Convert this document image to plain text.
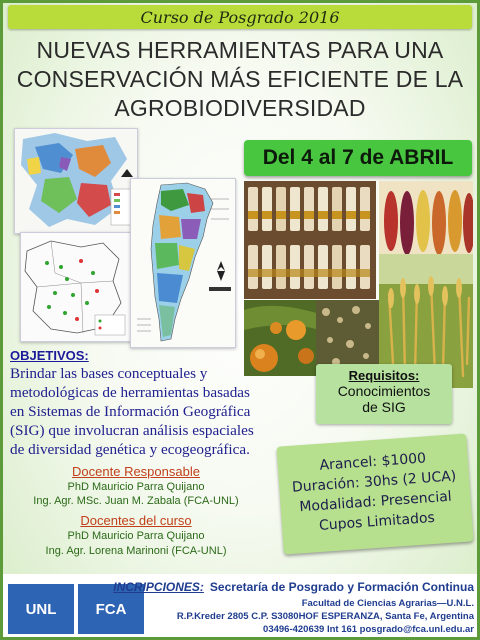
Curso de Posgrado 2016
NUEVAS HERRAMIENTAS PARA UNA
CONSERVACIÓN MÁS EFICIENTE DE LA
AGROBIODIVERSIDAD
Del 4 al 7 de ABRIL
Requisitos:
Conocimientos
de SIG
OBJETIVOS:
Brindar las bases conceptuales y
metodológicas de herramientas basadas
en Sistemas de Información Geográfica
(SIG) que involucran análisis espaciales
de diversidad genética y ecogeográfica.
Docente Responsable
PhD Mauricio Parra Quijano
Ing. Agr. MSc. Juan M. Zabala (FCA-UNL)
Docentes del curso
PhD Mauricio Parra Quijano
Ing. Agr. Lorena Marinoni (FCA-UNL)
Arancel: $1000
Duración: 30hs (2 UCA)
Modalidad: Presencial
Cupos Limitados
UNL	FCA
INCRIPCIONES: Secretaría de Posgrado y Formación Continua
Facultad de Ciencias Agrarias—U.N.L.
R.P.Kreder 2805 C.P. S3080HOF ESPERANZA, Santa Fe, Argentina
03496-420639 Int 161 posgrado@fca.unl.edu.ar
